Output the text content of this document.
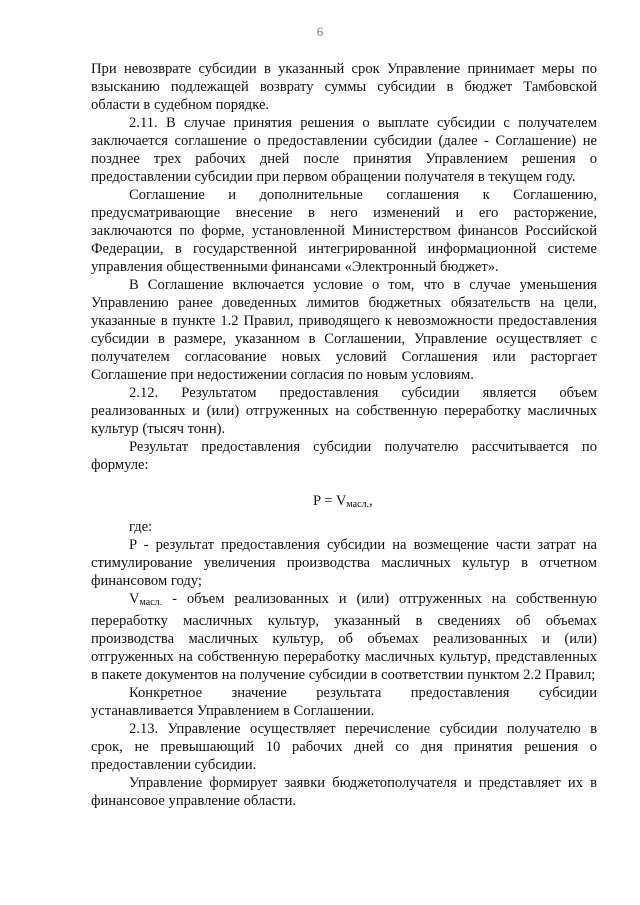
6

При невозврате субсидии в указанный срок Управление принимает меры по взысканию подлежащей возврату суммы субсидии в бюджет Тамбовской области в судебном порядке.

2.11. В случае принятия решения о выплате субсидии с получателем заключается соглашение о предоставлении субсидии (далее - Соглашение) не позднее трех рабочих дней после принятия Управлением решения о предоставлении субсидии при первом обращении получателя в текущем году.

Соглашение и дополнительные соглашения к Соглашению, предусматривающие внесение в него изменений и его расторжение, заключаются по форме, установленной Министерством финансов Российской Федерации, в государственной интегрированной информационной системе управления общественными финансами «Электронный бюджет».

В Соглашение включается условие о том, что в случае уменьшения Управлению ранее доведенных лимитов бюджетных обязательств на цели, указанные в пункте 1.2 Правил, приводящего к невозможности предоставления субсидии в размере, указанном в Соглашении, Управление осуществляет с получателем согласование новых условий Соглашения или расторгает Соглашение при недостижении согласия по новым условиям.

2.12. Результатом предоставления субсидии является объем реализованных и (или) отгруженных на собственную переработку масличных культур (тысяч тонн).

Результат предоставления субсидии получателю рассчитывается по формуле:

$P = V_{масл.}$,

где:

P - результат предоставления субсидии на возмещение части затрат на стимулирование увеличения производства масличных культур в отчетном финансовом году;

Vмасл. - объем реализованных и (или) отгруженных на собственную переработку масличных культур, указанный в сведениях об объемах производства масличных культур, об объемах реализованных и (или) отгруженных на собственную переработку масличных культур, представленных в пакете документов на получение субсидии в соответствии пунктом 2.2 Правил;

Конкретное значение результата предоставления субсидии устанавливается Управлением в Соглашении.

2.13. Управление осуществляет перечисление субсидии получателю в срок, не превышающий 10 рабочих дней со дня принятия решения о предоставлении субсидии.

Управление формирует заявки бюджетополучателя и представляет их в финансовое управление области.
